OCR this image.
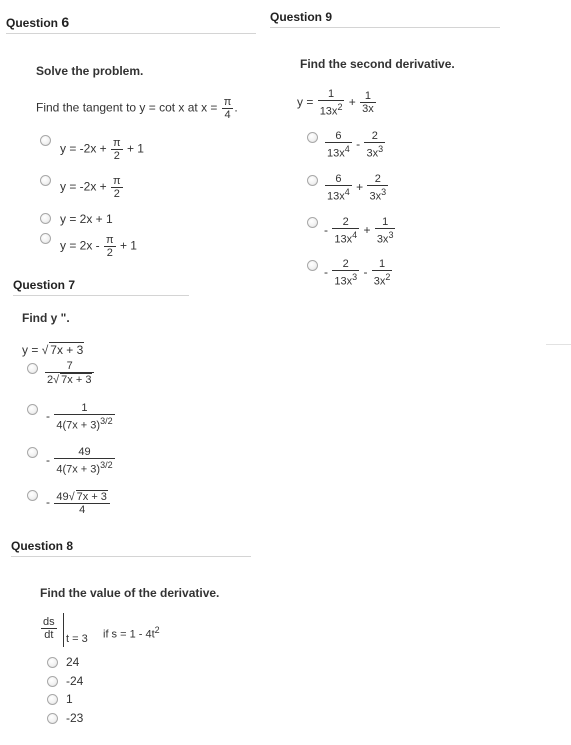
Question 6
Solve the problem.
Find the tangent to y = cot x at $x = \frac{\pi}{4}$ .
$y = -2x + \frac{\pi}{2} + 1$
$y = -2x + \frac{\pi}{2}$
y = 2x + 1
$y = 2x - \frac{\pi}{2} + 1$
Question 7
Find y ".
y = √ 7x + 3
$\frac{7}{2√ 7x + 3}$
- $\frac{1}{4(7x + 3)^{3/2}}$
- $\frac{49}{4(7x + 3)^{3/2}}$
- $\frac{49√ 7x + 3}{4}$
Question 8
Find the value of the derivative.
$\frac{ds}{dt}$ t = 3 if $s = 1 - 4t^2$
24
-24
1
-23
Question 9
Find the second derivative.
$y = \frac{1}{13x^2} + \frac{1}{3x}$
$\frac{6}{13x^4} - \frac{2}{3x^3}$
$\frac{6}{13x^4} + \frac{2}{3x^3}$
- $\frac{2}{13x^4} + \frac{1}{3x^3}$
- $\frac{2}{13x^3} - \frac{1}{3x^2}$
